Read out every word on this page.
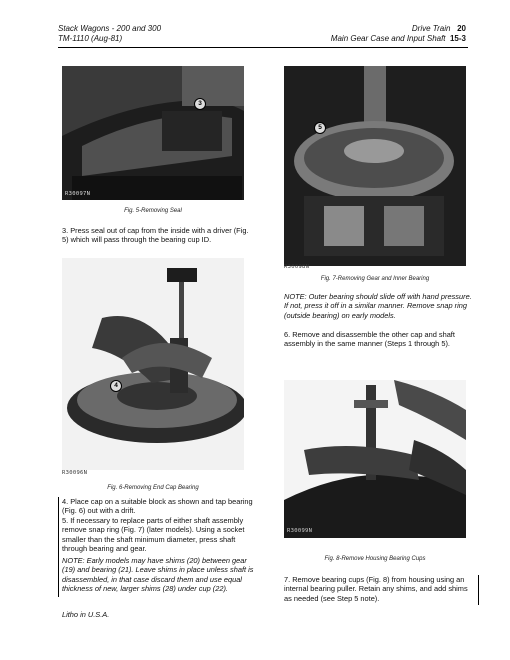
Stack Wagons - 200 and 300
TM-1110 (Aug-81)
Drive Train 20
Main Gear Case and Input Shaft 15-3
3
R30097N
Fig. 5-Removing Seal
3. Press seal out of cap from the inside with a driver (Fig. 5) which will pass through the bearing cup ID.
4
R30096N
Fig. 6-Removing End Cap Bearing
4. Place cap on a suitable block as shown and tap bearing (Fig. 6) out with a drift.
5. If necessary to replace parts of either shaft assembly remove snap ring (Fig. 7) (later models). Using a socket smaller than the shaft minimum diameter, press shaft through bearing and gear.
NOTE: Early models may have shims (20) between gear (19) and bearing (21). Leave shims in place unless shaft is disassembled, in that case discard them and use equal thickness of new, larger shims (28) under cup (22).
Litho in U.S.A.
5
R30098N
Fig. 7-Removing Gear and Inner Bearing
NOTE: Outer bearing should slide off with hand pressure. If not, press it off in a similar manner. Remove snap ring (outside bearing) on early models.
6. Remove and disassemble the other cap and shaft assembly in the same manner (Steps 1 through 5).
R30099N
Fig. 8-Remove Housing Bearing Cups
7. Remove bearing cups (Fig. 8) from housing using an internal bearing puller. Retain any shims, and add shims as needed (see Step 5 note).
